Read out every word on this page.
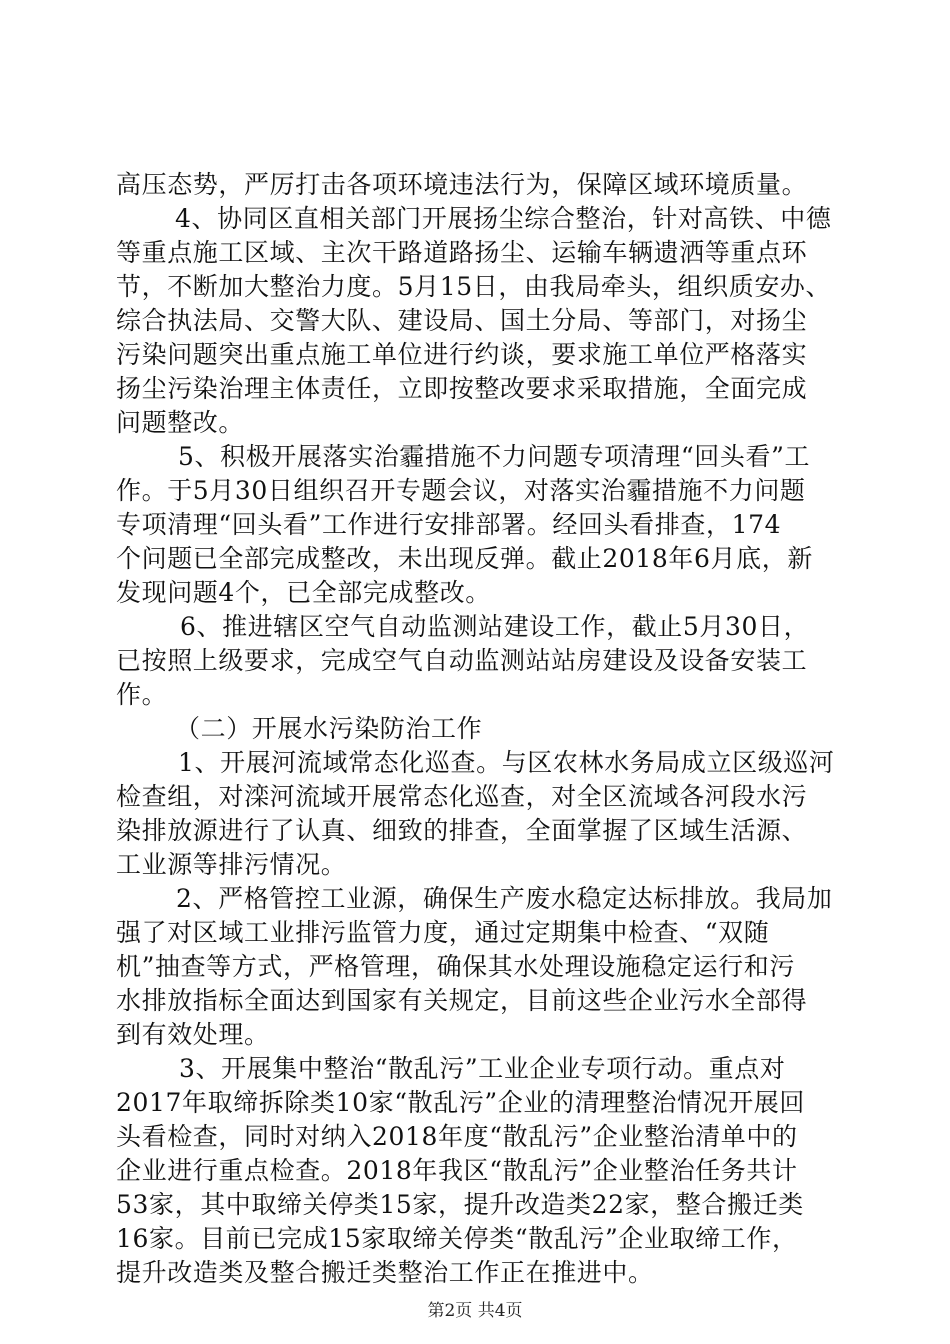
高压态势，严厉打击各项环境违法行为，保障区域环境质量。
4、协同区直相关部门开展扬尘综合整治，针对高铁、中德
等重点施工区域、主次干路道路扬尘、运输车辆遗洒等重点环
节，不断加大整治力度。5月15日，由我局牵头，组织质安办、
综合执法局、交警大队、建设局、国土分局、等部门，对扬尘
污染问题突出重点施工单位进行约谈，要求施工单位严格落实
扬尘污染治理主体责任，立即按整改要求采取措施，全面完成
问题整改。
5、积极开展落实治霾措施不力问题专项清理“回头看”工
作。于5月30日组织召开专题会议，对落实治霾措施不力问题
专项清理“回头看”工作进行安排部署。经回头看排查，174
个问题已全部完成整改，未出现反弹。截止2018年6月底，新
发现问题4个，已全部完成整改。
6、推进辖区空气自动监测站建设工作，截止5月30日，
已按照上级要求，完成空气自动监测站站房建设及设备安装工
作。
（二）开展水污染防治工作
1、开展河流域常态化巡查。与区农林水务局成立区级巡河
检查组，对滦河流域开展常态化巡查，对全区流域各河段水污
染排放源进行了认真、细致的排查，全面掌握了区域生活源、
工业源等排污情况。
2、严格管控工业源，确保生产废水稳定达标排放。我局加
强了对区域工业排污监管力度，通过定期集中检查、“双随
机”抽查等方式，严格管理，确保其水处理设施稳定运行和污
水排放指标全面达到国家有关规定，目前这些企业污水全部得
到有效处理。
3、开展集中整治“散乱污”工业企业专项行动。重点对
2017年取缔拆除类10家“散乱污”企业的清理整治情况开展回
头看检查，同时对纳入2018年度“散乱污”企业整治清单中的
企业进行重点检查。2018年我区“散乱污”企业整治任务共计
53家，其中取缔关停类15家，提升改造类22家，整合搬迁类
16家。目前已完成15家取缔关停类“散乱污”企业取缔工作，
提升改造类及整合搬迁类整治工作正在推进中。
第2页 共4页
